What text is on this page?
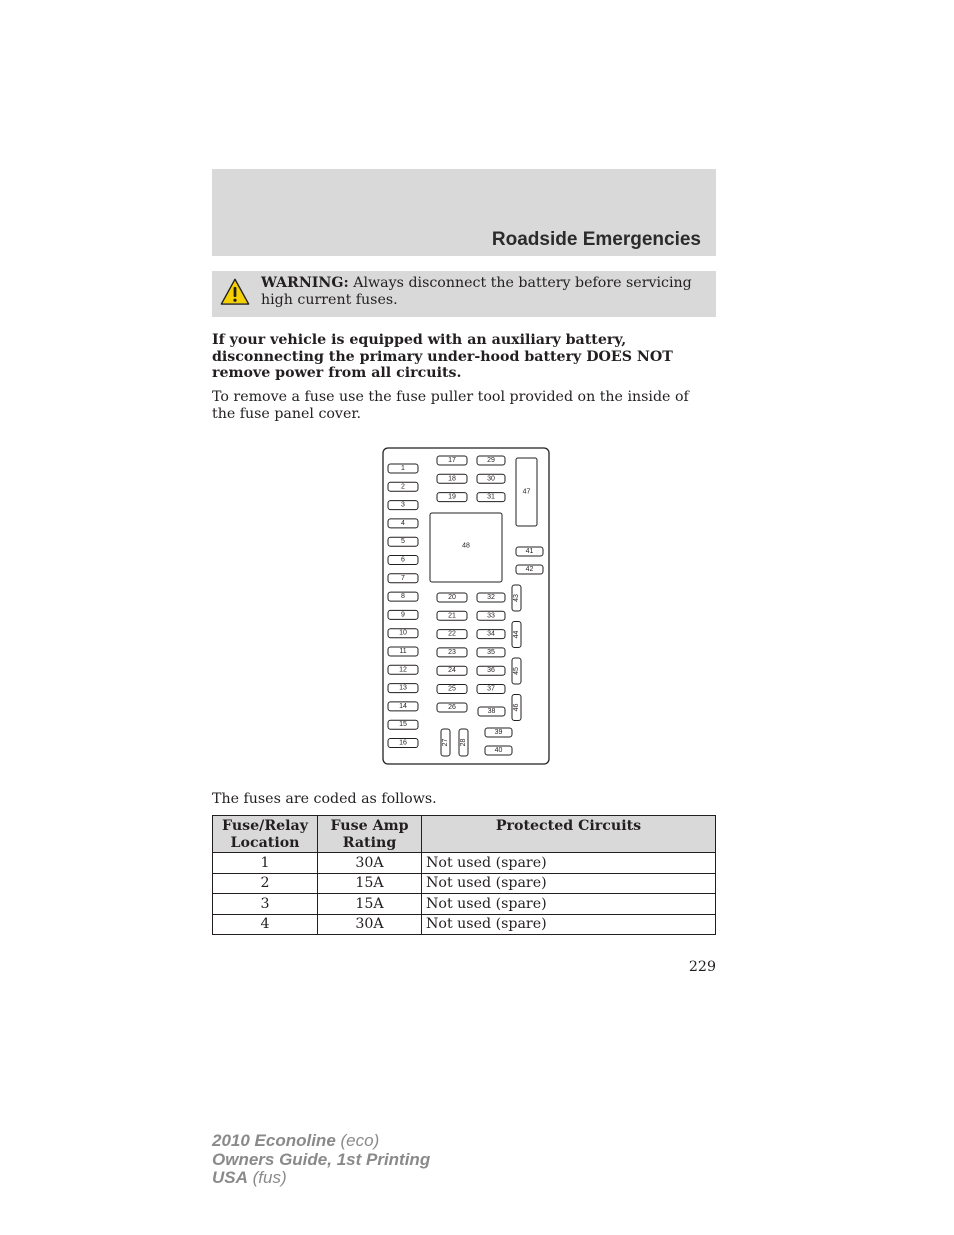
Roadside Emergencies
WARNING: Always disconnect the battery before servicing high current fuses.
If your vehicle is equipped with an auxiliary battery, disconnecting the primary under-hood battery DOES NOT remove power from all circuits.
To remove a fuse use the fuse puller tool provided on the inside of the fuse panel cover.
1
2
3
4
5
6
7
8
9
10
11
12
13
14
15
16
17
18
19
29
30
31
20
21
22
23
24
25
26
32
33
34
35
36
37
38
27 28
39
40
41
42
43
44
45
46
47
48
The fuses are coded as follows.
Fuse/Relay Location	Fuse Amp Rating	Protected Circuits
1	30A	Not used (spare)
2	15A	Not used (spare)
3	15A	Not used (spare)
4	30A	Not used (spare)
229
2010 Econoline (eco)
Owners Guide, 1st Printing
USA (fus)
